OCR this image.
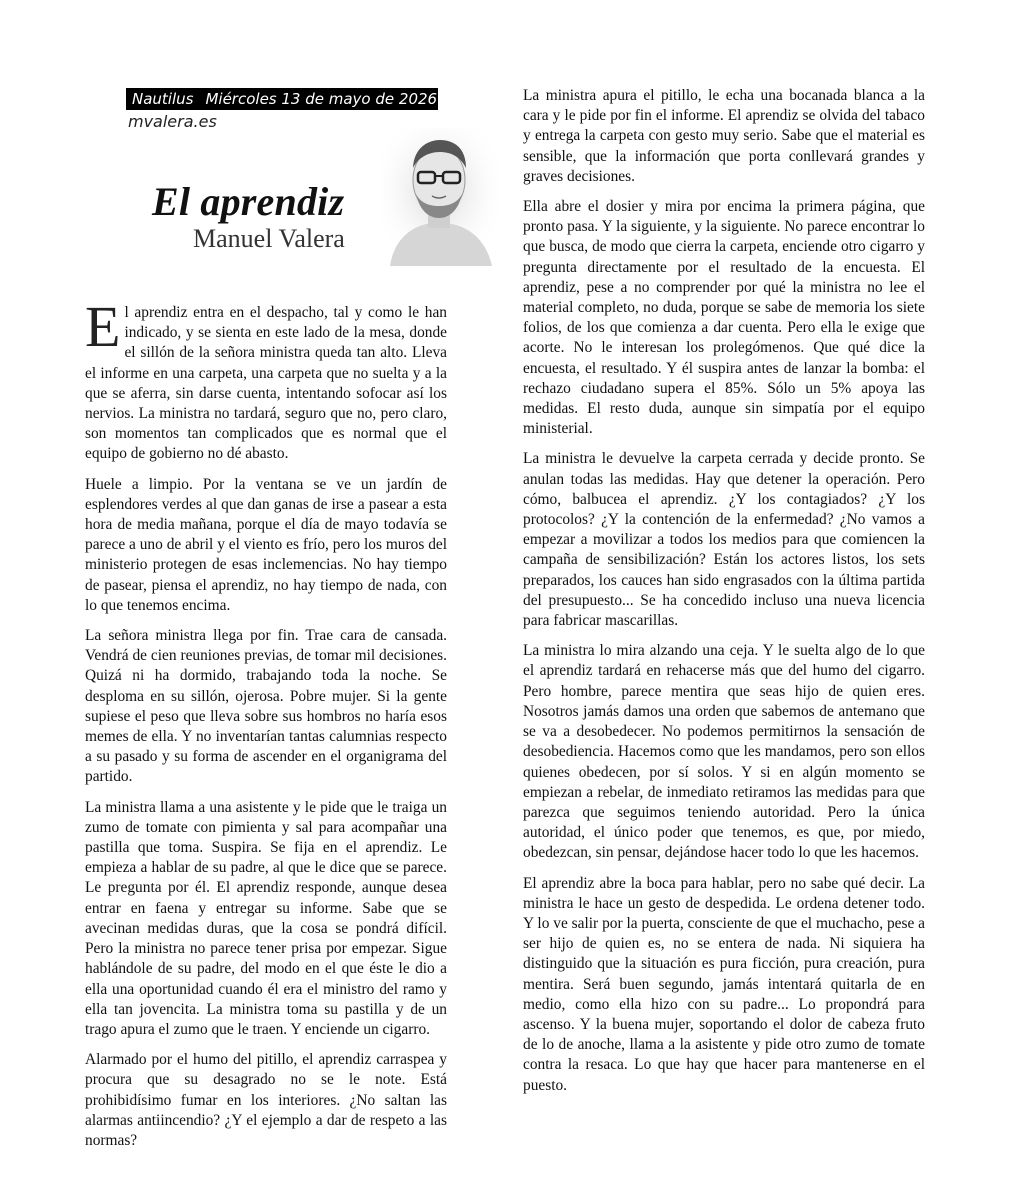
Nautilus Miércoles 13 de mayo de 2026
mvalera.es
El aprendiz
Manuel Valera

El aprendiz entra en el despacho, tal y como le han indicado, y se sienta en este lado de la mesa, donde el sillón de la señora ministra queda tan alto. Lleva el informe en una carpeta, una carpeta que no suelta y a la que se aferra, sin darse cuenta, intentando sofocar así los nervios. La ministra no tardará, seguro que no, pero claro, son momentos tan complicados que es normal que el equipo de gobierno no dé abasto.

Huele a limpio. Por la ventana se ve un jardín de esplendores verdes al que dan ganas de irse a pasear a esta hora de media mañana, porque el día de mayo todavía se parece a uno de abril y el viento es frío, pero los muros del ministerio protegen de esas inclemencias. No hay tiempo de pasear, piensa el aprendiz, no hay tiempo de nada, con lo que tenemos encima.

La señora ministra llega por fin. Trae cara de cansada. Vendrá de cien reuniones previas, de tomar mil decisiones. Quizá ni ha dormido, trabajando toda la noche. Se desploma en su sillón, ojerosa. Pobre mujer. Si la gente supiese el peso que lleva sobre sus hombros no haría esos memes de ella. Y no inventarían tantas calumnias respecto a su pasado y su forma de ascender en el organigrama del partido.

La ministra llama a una asistente y le pide que le traiga un zumo de tomate con pimienta y sal para acompañar una pastilla que toma. Suspira. Se fija en el aprendiz. Le empieza a hablar de su padre, al que le dice que se parece. Le pregunta por él. El aprendiz responde, aunque desea entrar en faena y entregar su informe. Sabe que se avecinan medidas duras, que la cosa se pondrá difícil. Pero la ministra no parece tener prisa por empezar. Sigue hablándole de su padre, del modo en el que éste le dio a ella una oportunidad cuando él era el ministro del ramo y ella tan jovencita. La ministra toma su pastilla y de un trago apura el zumo que le traen. Y enciende un cigarro.

Alarmado por el humo del pitillo, el aprendiz carraspea y procura que su desagrado no se le note. Está prohibidísimo fumar en los interiores. ¿No saltan las alarmas antiincendio? ¿Y el ejemplo a dar de respeto a las normas?

La ministra apura el pitillo, le echa una bocanada blanca a la cara y le pide por fin el informe. El aprendiz se olvida del tabaco y entrega la carpeta con gesto muy serio. Sabe que el material es sensible, que la información que porta conllevará grandes y graves decisiones.

Ella abre el dosier y mira por encima la primera página, que pronto pasa. Y la siguiente, y la siguiente. No parece encontrar lo que busca, de modo que cierra la carpeta, enciende otro cigarro y pregunta directamente por el resultado de la encuesta. El aprendiz, pese a no comprender por qué la ministra no lee el material completo, no duda, porque se sabe de memoria los siete folios, de los que comienza a dar cuenta. Pero ella le exige que acorte. No le interesan los prolegómenos. Que qué dice la encuesta, el resultado. Y él suspira antes de lanzar la bomba: el rechazo ciudadano supera el 85%. Sólo un 5% apoya las medidas. El resto duda, aunque sin simpatía por el equipo ministerial.

La ministra le devuelve la carpeta cerrada y decide pronto. Se anulan todas las medidas. Hay que detener la operación. Pero cómo, balbucea el aprendiz. ¿Y los contagiados? ¿Y los protocolos? ¿Y la contención de la enfermedad? ¿No vamos a empezar a movilizar a todos los medios para que comiencen la campaña de sensibilización? Están los actores listos, los sets preparados, los cauces han sido engrasados con la última partida del presupuesto... Se ha concedido incluso una nueva licencia para fabricar mascarillas.

La ministra lo mira alzando una ceja. Y le suelta algo de lo que el aprendiz tardará en rehacerse más que del humo del cigarro. Pero hombre, parece mentira que seas hijo de quien eres. Nosotros jamás damos una orden que sabemos de antemano que se va a desobedecer. No podemos permitirnos la sensación de desobediencia. Hacemos como que les mandamos, pero son ellos quienes obedecen, por sí solos. Y si en algún momento se empiezan a rebelar, de inmediato retiramos las medidas para que parezca que seguimos teniendo autoridad. Pero la única autoridad, el único poder que tenemos, es que, por miedo, obedezcan, sin pensar, dejándose hacer todo lo que les hacemos.

El aprendiz abre la boca para hablar, pero no sabe qué decir. La ministra le hace un gesto de despedida. Le ordena detener todo. Y lo ve salir por la puerta, consciente de que el muchacho, pese a ser hijo de quien es, no se entera de nada. Ni siquiera ha distinguido que la situación es pura ficción, pura creación, pura mentira. Será buen segundo, jamás intentará quitarla de en medio, como ella hizo con su padre... Lo propondrá para ascenso. Y la buena mujer, soportando el dolor de cabeza fruto de lo de anoche, llama a la asistente y pide otro zumo de tomate contra la resaca. Lo que hay que hacer para mantenerse en el puesto.
